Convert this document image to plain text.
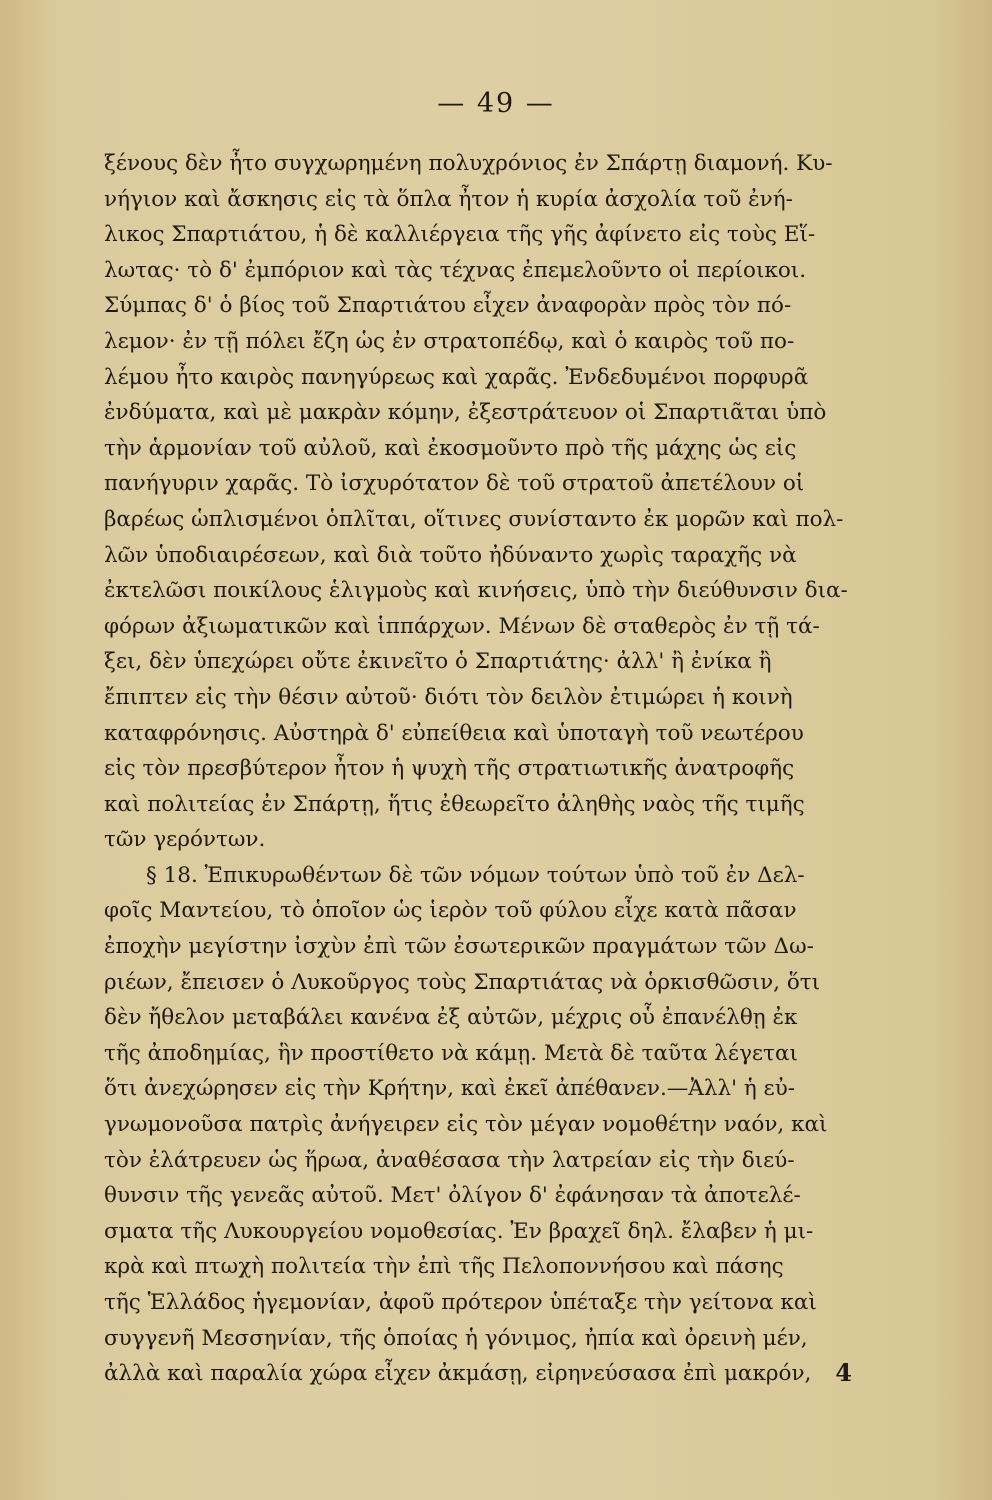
— 49 —
ξένους δὲν ἦτο συγχωρημένη πολυχρόνιος ἐν Σπάρτῃ διαμονή. Κυ-
νήγιον καὶ ἄσκησις εἰς τὰ ὅπλα ἦτον ἡ κυρία ἀσχολία τοῦ ἐνή-
λικος Σπαρτιάτου, ἡ δὲ καλλιέργεια τῆς γῆς ἀφίνετο εἰς τοὺς Εἵ-
λωτας· τὸ δ' ἐμπόριον καὶ τὰς τέχνας ἐπεμελοῦντο οἱ περίοικοι.
Σύμπας δ' ὁ βίος τοῦ Σπαρτιάτου εἶχεν ἀναφορὰν πρὸς τὸν πό-
λεμον· ἐν τῇ πόλει ἔζη ὡς ἐν στρατοπέδῳ, καὶ ὁ καιρὸς τοῦ πο-
λέμου ἦτο καιρὸς πανηγύρεως καὶ χαρᾶς. Ἐνδεδυμένοι πορφυρᾶ
ἐνδύματα, καὶ μὲ μακρὰν κόμην, ἐξεστράτευον οἱ Σπαρτιᾶται ὑπὸ
τὴν ἁρμονίαν τοῦ αὐλοῦ, καὶ ἐκοσμοῦντο πρὸ τῆς μάχης ὡς εἰς
πανήγυριν χαρᾶς. Τὸ ἰσχυρότατον δὲ τοῦ στρατοῦ ἀπετέλουν οἱ
βαρέως ὡπλισμένοι ὁπλῖται, οἵτινες συνίσταντο ἐκ μορῶν καὶ πολ-
λῶν ὑποδιαιρέσεων, καὶ διὰ τοῦτο ἠδύναντο χωρὶς ταραχῆς νὰ
ἐκτελῶσι ποικίλους ἑλιγμοὺς καὶ κινήσεις, ὑπὸ τὴν διεύθυνσιν δια-
φόρων ἀξιωματικῶν καὶ ἱππάρχων. Μένων δὲ σταθερὸς ἐν τῇ τά-
ξει, δὲν ὑπεχώρει οὔτε ἐκινεῖτο ὁ Σπαρτιάτης· ἀλλ' ἢ ἐνίκα ἢ
ἔπιπτεν εἰς τὴν θέσιν αὐτοῦ· διότι τὸν δειλὸν ἐτιμώρει ἡ κοινὴ
καταφρόνησις. Αὐστηρὰ δ' εὐπείθεια καὶ ὑποταγὴ τοῦ νεωτέρου
εἰς τὸν πρεσβύτερον ἦτον ἡ ψυχὴ τῆς στρατιωτικῆς ἀνατροφῆς
καὶ πολιτείας ἐν Σπάρτῃ, ἥτις ἐθεωρεῖτο ἀληθὴς ναὸς τῆς τιμῆς
τῶν γερόντων.
§ 18. Ἐπικυρωθέντων δὲ τῶν νόμων τούτων ὑπὸ τοῦ ἐν Δελ-
φοῖς Μαντείου, τὸ ὁποῖον ὡς ἱερὸν τοῦ φύλου εἶχε κατὰ πᾶσαν
ἐποχὴν μεγίστην ἰσχὺν ἐπὶ τῶν ἐσωτερικῶν πραγμάτων τῶν Δω-
ριέων, ἔπεισεν ὁ Λυκοῦργος τοὺς Σπαρτιάτας νὰ ὁρκισθῶσιν, ὅτι
δὲν ἤθελον μεταβάλει κανένα ἐξ αὐτῶν, μέχρις οὗ ἐπανέλθῃ ἐκ
τῆς ἀποδημίας, ἣν προστίθετο νὰ κάμῃ. Μετὰ δὲ ταῦτα λέγεται
ὅτι ἀνεχώρησεν εἰς τὴν Κρήτην, καὶ ἐκεῖ ἀπέθανεν.—Ἀλλ' ἡ εὐ-
γνωμονοῦσα πατρὶς ἀνήγειρεν εἰς τὸν μέγαν νομοθέτην ναόν, καὶ
τὸν ἐλάτρευεν ὡς ἥρωα, ἀναθέσασα τὴν λατρείαν εἰς τὴν διεύ-
θυνσιν τῆς γενεᾶς αὐτοῦ. Μετ' ὀλίγον δ' ἐφάνησαν τὰ ἀποτελέ-
σματα τῆς Λυκουργείου νομοθεσίας. Ἐν βραχεῖ δηλ. ἔλαβεν ἡ μι-
κρὰ καὶ πτωχὴ πολιτεία τὴν ἐπὶ τῆς Πελοποννήσου καὶ πάσης
τῆς Ἑλλάδος ἡγεμονίαν, ἀφοῦ πρότερον ὑπέταξε τὴν γείτονα καὶ
συγγενῆ Μεσσηνίαν, τῆς ὁποίας ἡ γόνιμος, ἠπία καὶ ὀρεινὴ μέν,
ἀλλὰ καὶ παραλία χώρα εἶχεν ἀκμάσῃ, εἰρηνεύσασα ἐπὶ μακρόν, 4
